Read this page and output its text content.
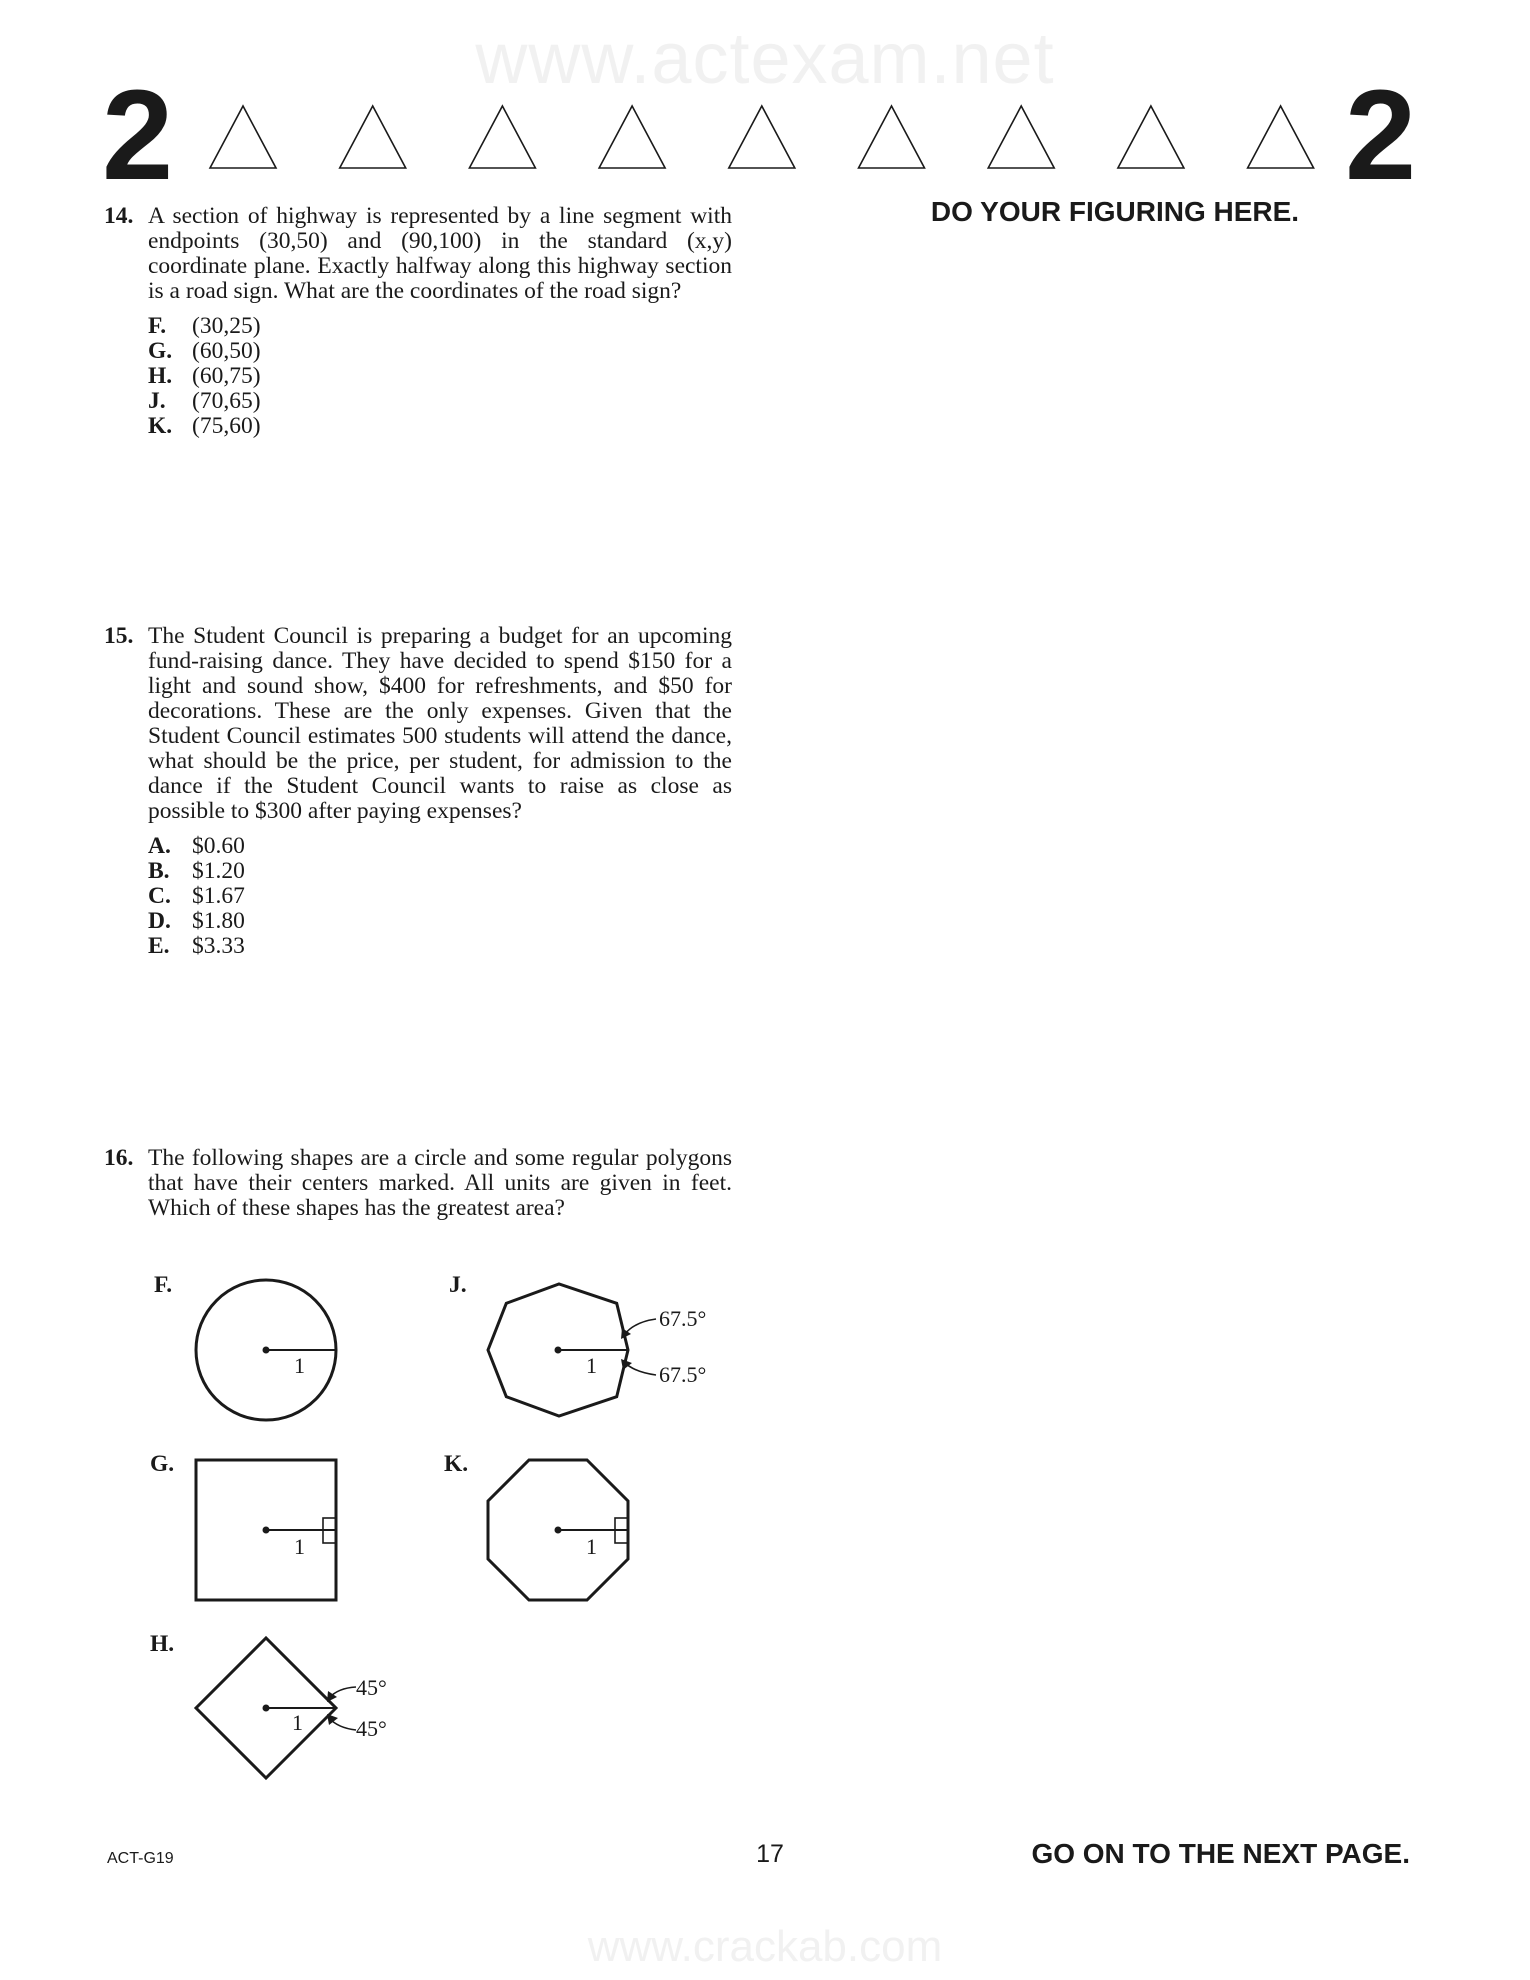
www.actexam.net
2	2
DO YOUR FIGURING HERE.
14. A section of highway is represented by a line segment with endpoints (30,50) and (90,100) in the standard (x,y) coordinate plane. Exactly halfway along this highway section is a road sign. What are the coordinates of the road sign?
F.	(30,25)
G. (60,50)
H. (60,75)
J.	(70,65)
K. (75,60)
15. The Student Council is preparing a budget for an upcoming fund-raising dance. They have decided to spend $150 for a light and sound show, $400 for refreshments, and $50 for decorations. These are the only expenses. Given that the Student Council estimates 500 students will attend the dance, what should be the price, per student, for admission to the dance if the Student Council wants to raise as close as possible to $300 after paying expenses?
A. $0.60
B. $1.20
C. $1.67
D. $1.80
E. $3.33
16. The following shapes are a circle and some regular polygons that have their centers marked. All units are given in feet. Which of these shapes has the greatest area?
F.
1
J.
1
67.5°
67.5°
G.
1
K.
1
H.
1
45°
45°
ACT-G19	17	GO ON TO THE NEXT PAGE.
www.crackab.com
